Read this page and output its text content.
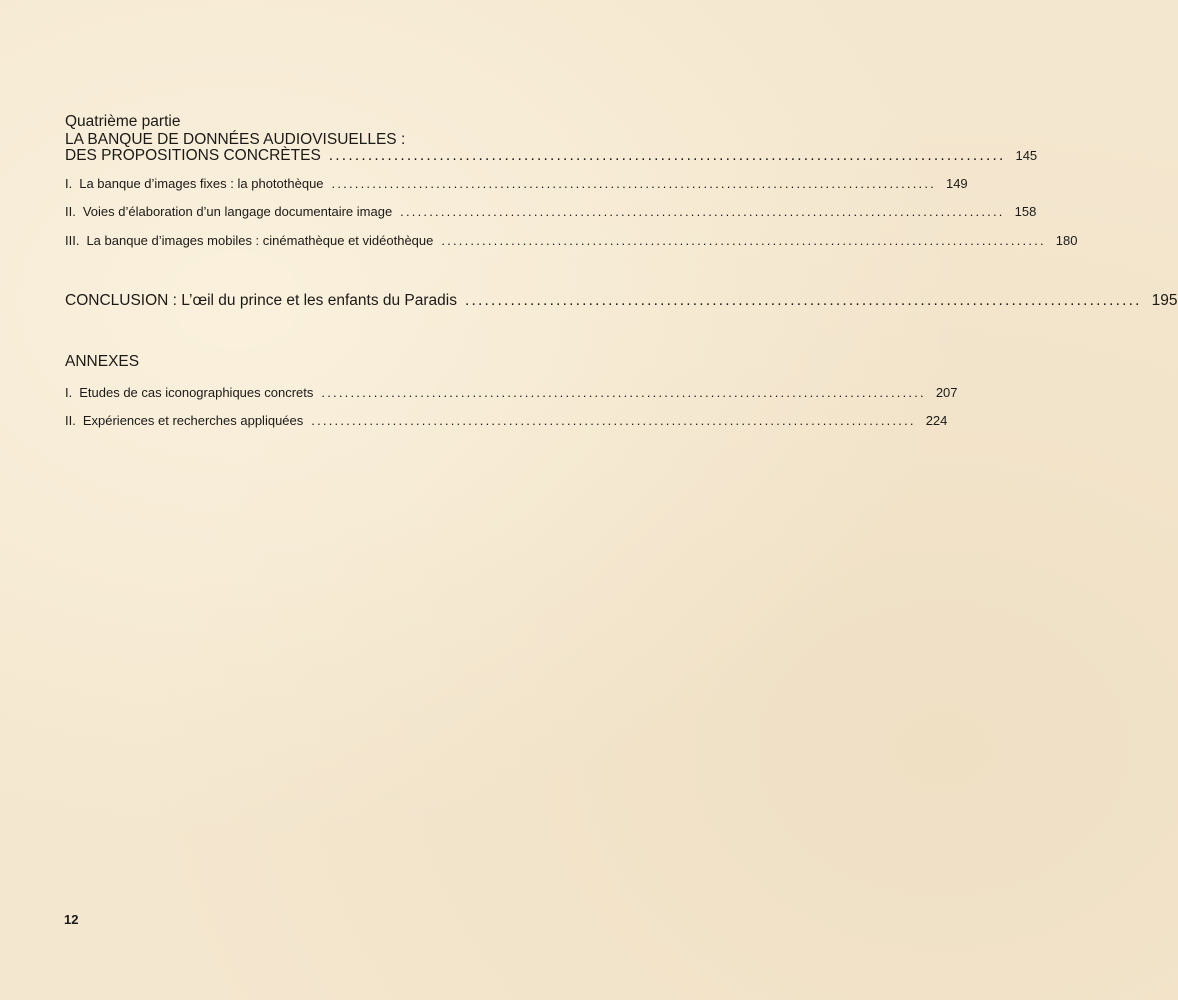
Quatrième partie
LA BANQUE DE DONNÉES AUDIOVISUELLES :
DES PROPOSITIONS CONCRÈTES ........................................................................................................ 145
I. La banque d’images fixes : la photothèque ........................................................................................................ 149
II. Voies d’élaboration d’un langage documentaire image ........................................................................................................ 158
III. La banque d’images mobiles : cinémathèque et vidéothèque ........................................................................................................ 180
CONCLUSION : L’œil du prince et les enfants du Paradis ........................................................................................................ 195
ANNEXES
I. Etudes de cas iconographiques concrets ........................................................................................................ 207
II. Expériences et recherches appliquées ........................................................................................................ 224
12
